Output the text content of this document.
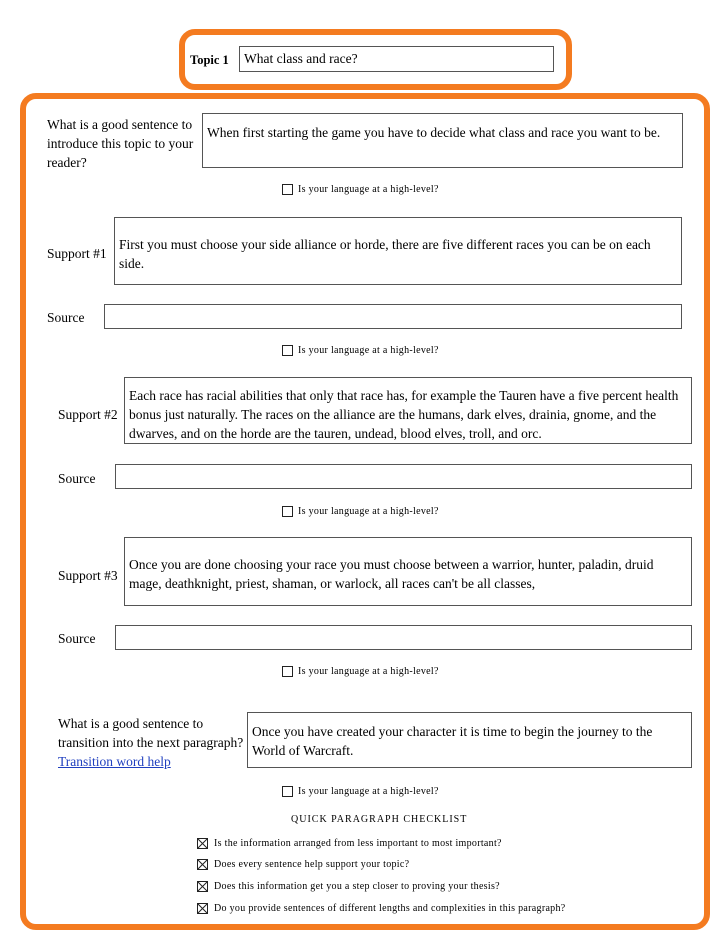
Topic 1	What class and race?
What is a good sentence to introduce this topic to your reader?
When first starting the game you have to decide what class and race you want to be.
Is your language at a high-level?
Support #1
First you must choose your side alliance or horde, there are five different races you can be on each side.
Source
Is your language at a high-level?
Support #2
Each race has racial abilities that only that race has, for example the Tauren have a five percent health bonus just naturally. The races on the alliance are the humans, dark elves, drainia, gnome, and the dwarves, and on the horde are the tauren, undead, blood elves, troll, and orc.
Source
Is your language at a high-level?
Support #3
Once you are done choosing your race you must choose between a warrior, hunter, paladin, druid mage, deathknight, priest, shaman, or warlock, all races can't be all classes,
Source
Is your language at a high-level?
What is a good sentence to transition into the next paragraph? Transition word help
Once you have created your character it is time to begin the journey to the World of Warcraft.
Is your language at a high-level?
QUICK PARAGRAPH CHECKLIST
Is the information arranged from less important to most important?
Does every sentence help support your topic?
Does this information get you a step closer to proving your thesis?
Do you provide sentences of different lengths and complexities in this paragraph?
